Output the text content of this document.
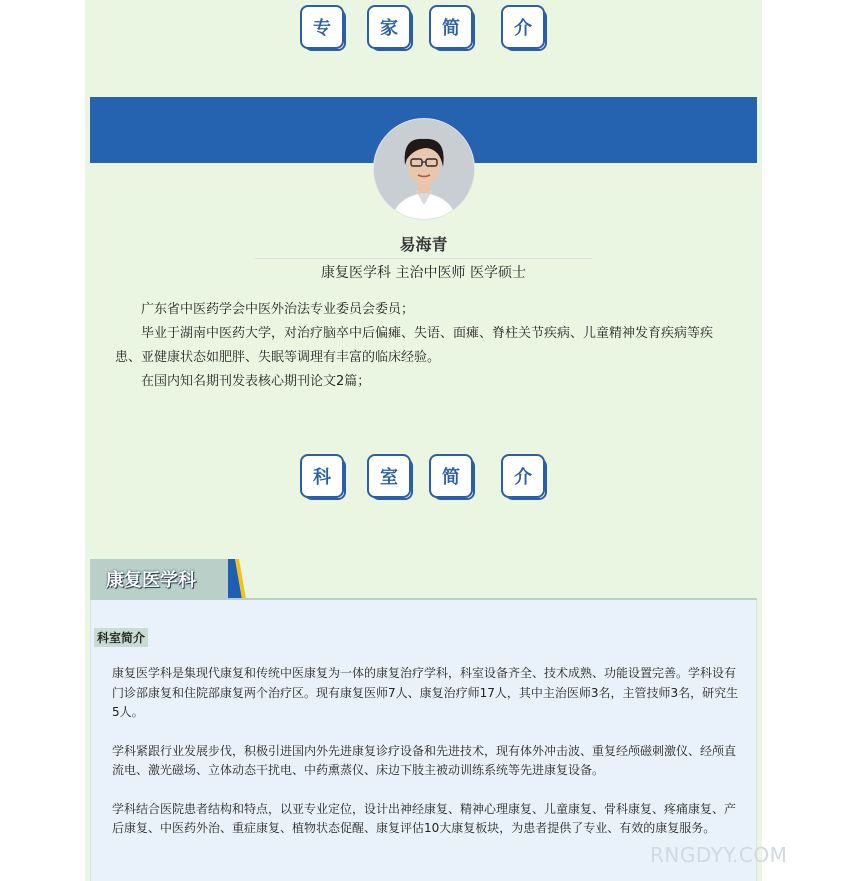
专	家	简	介
易海青
康复医学科 主治中医师 医学硕士

广东省中医药学会中医外治法专业委员会委员；

毕业于湖南中医药大学，对治疗脑卒中后偏瘫、失语、面瘫、脊柱关节疾病、儿童精神发育疾病等疾患、亚健康状态如肥胖、失眠等调理有丰富的临床经验。

在国内知名期刊发表核心期刊论文2篇；

科	室	简	介
康复医学科
科室简介

康复医学科是集现代康复和传统中医康复为一体的康复治疗学科，科室设备齐全、技术成熟、功能设置完善。学科设有门诊部康复和住院部康复两个治疗区。现有康复医师7人、康复治疗师17人，其中主治医师3名，主管技师3名，研究生5人。

学科紧跟行业发展步伐，积极引进国内外先进康复诊疗设备和先进技术，现有体外冲击波、重复经颅磁刺激仪、经颅直流电、激光磁场、立体动态干扰电、中药熏蒸仪、床边下肢主被动训练系统等先进康复设备。

学科结合医院患者结构和特点，以亚专业定位，设计出神经康复、精神心理康复、儿童康复、骨科康复、疼痛康复、产后康复、中医药外治、重症康复、植物状态促醒、康复评估10大康复板块，为患者提供了专业、有效的康复服务。

RNGDYY.COM
